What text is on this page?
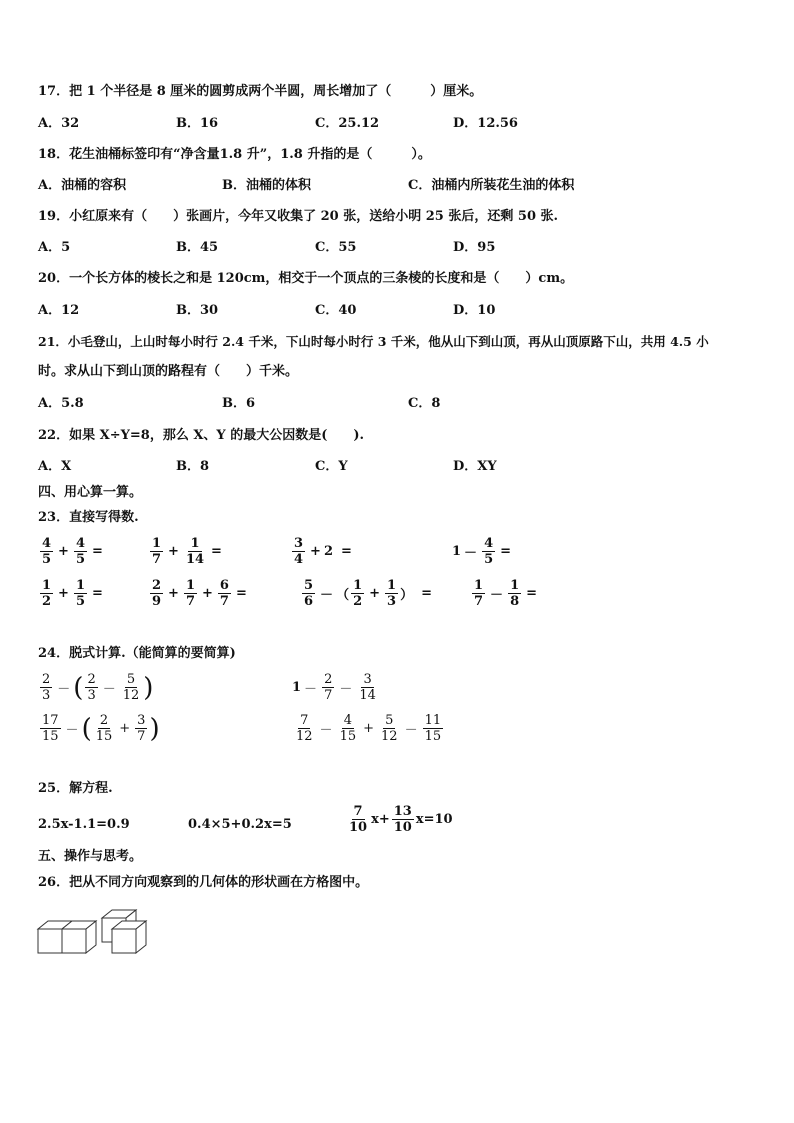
17．把 1 个半径是 8 厘米的圆剪成两个半圆，周长增加了（　　　）厘米。
A．32	B．16	C．25.12	D．12.56
18．花生油桶标签印有“净含量1.8 升”，1.8 升指的是（　　　）。
A．油桶的容积	B．油桶的体积	C．油桶内所装花生油的体积
19．小红原来有（　　）张画片，今年又收集了 20 张，送给小明 25 张后，还剩 50 张.
A．5	B．45	C．55	D．95
20．一个长方体的棱长之和是 120cm，相交于一个顶点的三条棱的长度和是（　　）cm。
A．12	B．30	C．40	D．10
21．小毛登山，上山时每小时行 2.4 千米，下山时每小时行 3 千米，他从山下到山顶，再从山顶原路下山，共用 4.5 小
时。求从山下到山顶的路程有（　　）千米。
A．5.8	B．6	C．8
22．如果 X÷Y=8，那么 X、Y 的最大公因数是(　　).
A．X	B．8	C．Y	D．XY
四、用心算一算。
23．直接写得数.
$\frac{4}{5} + \frac{4}{5}$ =	$\frac{1}{7} + \frac{1}{14}$ =	$\frac{3}{4} + 2$ =	$1 - \frac{4}{5}$ =
$\frac{1}{2} + \frac{1}{5}$ =	$\frac{2}{9} + \frac{1}{7} + \frac{6}{7}$ =	$\frac{5}{6}$ － （ $\frac{1}{2} + \frac{1}{3}$ ） =	$\frac{1}{7} - \frac{1}{8}$ =
24．脱式计算.（能简算的要简算)
$\frac{2}{3}$ － ( $\frac{2}{3} - \frac{5}{12}$ )	$1 - \frac{2}{7} - \frac{3}{14}$
$\frac{17}{15}$ － ( $\frac{2}{15} + \frac{3}{7}$ )	$\frac{7}{12} - \frac{4}{15} + \frac{5}{12} - \frac{11}{15}$
25．解方程.
2.5x-1.1=0.9	0.4×5+0.2x=5	$\frac{7}{10} x+ \frac{13}{10} x=10$
五、操作与思考。
26．把从不同方向观察到的几何体的形状画在方格图中。
